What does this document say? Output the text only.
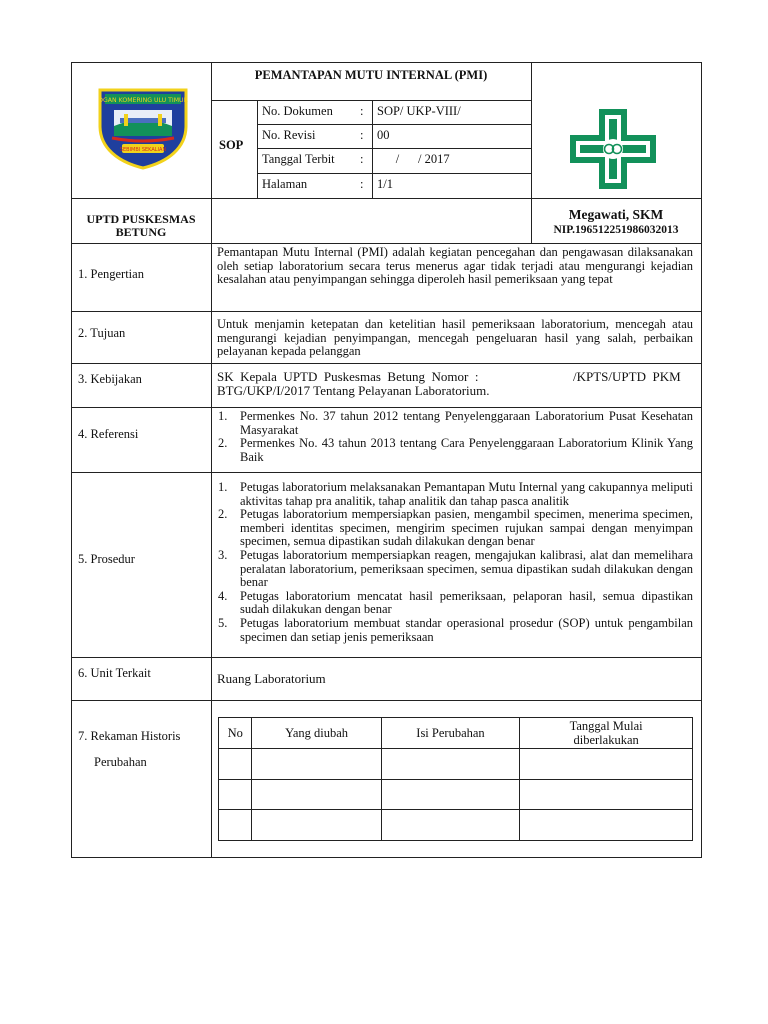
OGAN KOMERING ULU TIMUR
SEBIMBI SEKALIAN
PEMANTAPAN MUTU INTERNAL (PMI)
SOP
No. Dokumen : SOP/ UKP-VIII/
No. Revisi	: 00
Tanggal Terbit : /      / 2017
Halaman	: 1/1
UPTD PUSKESMAS
BETUNG
Megawati, SKM
NIP.196512251986032013
1. Pengertian
Pemantapan Mutu Internal (PMI) adalah kegiatan pencegahan dan pengawasan dilaksanakan oleh setiap laboratorium secara terus menerus agar tidak terjadi atau mengurangi kejadian kesalahan atau penyimpangan sehingga diperoleh hasil pemeriksaan yang tepat
2. Tujuan
Untuk menjamin ketepatan dan ketelitian hasil pemeriksaan laboratorium, mencegah atau mengurangi kejadian penyimpangan, mencegah pengeluaran hasil yang salah, perbaikan pelayanan kepada pelanggan
3. Kebijakan	SK  Kepala  UPTD  Puskesmas  Betung  Nomor  :	/KPTS/UPTD  PKM
BTG/UKP/I/2017 Tentang Pelayanan Laboratorium.
4. Referensi
1. Permenkes No. 37 tahun 2012 tentang Penyelenggaraan Laboratorium Pusat Kesehatan Masyarakat
2. Permenkes No. 43 tahun 2013 tentang Cara Penyelenggaraan Laboratorium Klinik Yang Baik
5. Prosedur
1. Petugas laboratorium melaksanakan Pemantapan Mutu Internal yang cakupannya meliputi aktivitas tahap pra analitik, tahap analitik dan tahap pasca analitik
2. Petugas laboratorium mempersiapkan pasien, mengambil specimen, menerima specimen, memberi identitas specimen, mengirim specimen rujukan sampai dengan menyimpan specimen, semua dipastikan sudah dilakukan dengan benar
3. Petugas laboratorium mempersiapkan reagen, mengajukan kalibrasi, alat dan memelihara peralatan laboratorium, pemeriksaan specimen, semua dipastikan sudah dilakukan dengan benar
4. Petugas laboratorium mencatat hasil pemeriksaan, pelaporan hasil, semua dipastikan sudah dilakukan dengan benar
5. Petugas laboratorium membuat standar operasional prosedur (SOP) untuk pengambilan specimen dan setiap jenis pemeriksaan
6. Unit Terkait	Ruang Laboratorium
7. Rekaman Historis
Perubahan
No	Yang diubah	Isi Perubahan	Tanggal Mulai diberlakukan
